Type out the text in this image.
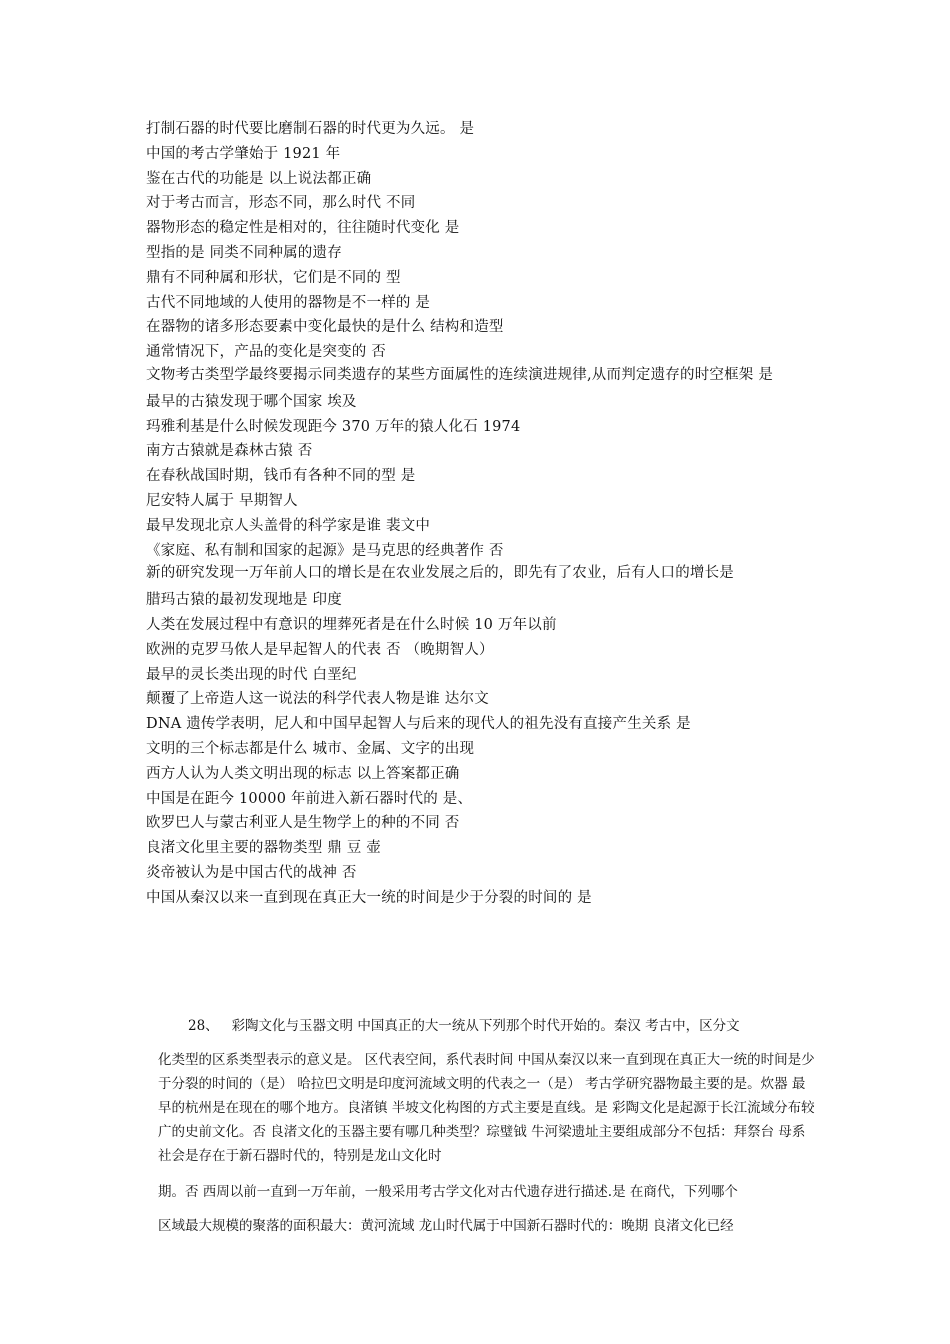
打制石器的时代要比磨制石器的时代更为久远。 是
中国的考古学肇始于 1921 年
鉴在古代的功能是 以上说法都正确
对于考古而言，形态不同，那么时代 不同
器物形态的稳定性是相对的，往往随时代变化 是
型指的是 同类不同种属的遗存
鼎有不同种属和形状，它们是不同的 型
古代不同地域的人使用的器物是不一样的 是
在器物的诸多形态要素中变化最快的是什么 结构和造型
通常情况下，产品的变化是突变的 否
文物考古类型学最终要揭示同类遗存的某些方面属性的连续演进规律,从而判定遗存的时空框架 是
最早的古猿发现于哪个国家 埃及
玛雅利基是什么时候发现距今 370 万年的猿人化石 1974
南方古猿就是森林古猿 否
在春秋战国时期，钱币有各种不同的型 是
尼安特人属于 早期智人
最早发现北京人头盖骨的科学家是谁 裴文中
《家庭、私有制和国家的起源》是马克思的经典著作 否
新的研究发现一万年前人口的增长是在农业发展之后的，即先有了农业，后有人口的增长是
腊玛古猿的最初发现地是 印度
人类在发展过程中有意识的埋葬死者是在什么时候 10 万年以前
欧洲的克罗马侬人是早起智人的代表 否 （晚期智人）
最早的灵长类出现的时代 白垩纪
颠覆了上帝造人这一说法的科学代表人物是谁 达尔文
DNA 遗传学表明，尼人和中国早起智人与后来的现代人的祖先没有直接产生关系 是
文明的三个标志都是什么 城市、金属、文字的出现
西方人认为人类文明出现的标志 以上答案都正确
中国是在距今 10000 年前进入新石器时代的 是、
欧罗巴人与蒙古利亚人是生物学上的种的不同 否
良渚文化里主要的器物类型 鼎 豆 壶
炎帝被认为是中国古代的战神 否
中国从秦汉以来一直到现在真正大一统的时间是少于分裂的时间的 是
28、 彩陶文化与玉器文明 中国真正的大一统从下列那个时代开始的。秦汉 考古中，区分文
化类型的区系类型表示的意义是。 区代表空间，系代表时间 中国从秦汉以来一直到现在真正大一统的时间是少于分裂的时间的（是） 哈拉巴文明是印度河流域文明的代表之一（是） 考古学研究器物最主要的是。炊器 最早的杭州是在现在的哪个地方。良渚镇 半坡文化构图的方式主要是直线。是 彩陶文化是起源于长江流域分布较广的史前文化。否 良渚文化的玉器主要有哪几种类型？琮璧钺 牛河梁遗址主要组成部分不包括：拜祭台 母系社会是存在于新石器时代的，特别是龙山文化时
期。否 西周以前一直到一万年前，一般采用考古学文化对古代遗存进行描述.是 在商代，下列哪个
区域最大规模的聚落的面积最大：黄河流域 龙山时代属于中国新石器时代的：晚期 良渚文化已经
